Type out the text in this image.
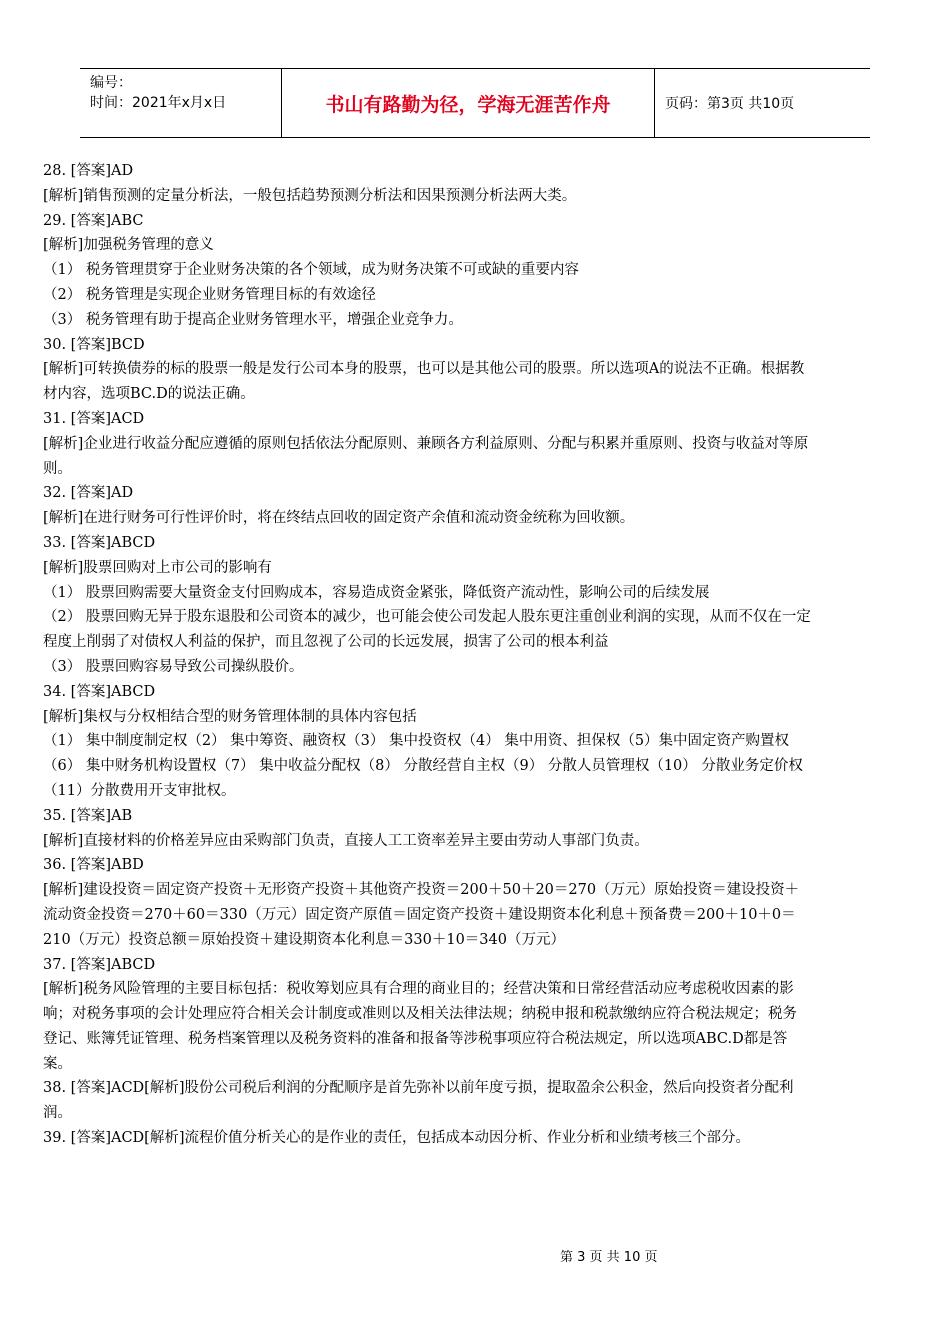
编号：
时间：2021年x月x日	书山有路勤为径，学海无涯苦作舟	页码：第3页 共10页

28. [答案]AD

[解析]销售预测的定量分析法，一般包括趋势预测分析法和因果预测分析法两大类。

29. [答案]ABC

[解析]加强税务管理的意义

（1） 税务管理贯穿于企业财务决策的各个领域，成为财务决策不可或缺的重要内容

（2） 税务管理是实现企业财务管理目标的有效途径

（3） 税务管理有助于提高企业财务管理水平，增强企业竞争力。

30. [答案]BCD

[解析]可转换债券的标的股票一般是发行公司本身的股票，也可以是其他公司的股票。所以选项A的说法不正确。根据教材内容，选项BC.D的说法正确。

31. [答案]ACD

[解析]企业进行收益分配应遵循的原则包括依法分配原则、兼顾各方利益原则、分配与积累并重原则、投资与收益对等原则。

32. [答案]AD

[解析]在进行财务可行性评价时，将在终结点回收的固定资产余值和流动资金统称为回收额。

33. [答案]ABCD

[解析]股票回购对上市公司的影响有

（1） 股票回购需要大量资金支付回购成本，容易造成资金紧张，降低资产流动性，影响公司的后续发展

（2） 股票回购无异于股东退股和公司资本的减少，也可能会使公司发起人股东更注重创业利润的实现，从而不仅在一定程度上削弱了对债权人利益的保护，而且忽视了公司的长远发展，损害了公司的根本利益

（3） 股票回购容易导致公司操纵股价。

34. [答案]ABCD

[解析]集权与分权相结合型的财务管理体制的具体内容包括

（1） 集中制度制定权（2） 集中筹资、融资权（3） 集中投资权（4） 集中用资、担保权（5）集中固定资产购置权（6） 集中财务机构设置权（7） 集中收益分配权（8） 分散经营自主权（9） 分散人员管理权（10） 分散业务定价权（11）分散费用开支审批权。

35. [答案]AB

[解析]直接材料的价格差异应由采购部门负责，直接人工工资率差异主要由劳动人事部门负责。

36. [答案]ABD

[解析]建设投资＝固定资产投资＋无形资产投资＋其他资产投资＝200＋50＋20＝270（万元）原始投资＝建设投资＋流动资金投资＝270＋60＝330（万元）固定资产原值＝固定资产投资＋建设期资本化利息＋预备费＝200＋10＋0＝210（万元）投资总额＝原始投资＋建设期资本化利息＝330＋10＝340（万元）

37. [答案]ABCD

[解析]税务风险管理的主要目标包括：税收筹划应具有合理的商业目的；经营决策和日常经营活动应考虑税收因素的影响；对税务事项的会计处理应符合相关会计制度或准则以及相关法律法规；纳税申报和税款缴纳应符合税法规定；税务登记、账簿凭证管理、税务档案管理以及税务资料的准备和报备等涉税事项应符合税法规定，所以选项ABC.D都是答案。

38. [答案]ACD[解析]股份公司税后利润的分配顺序是首先弥补以前年度亏损，提取盈余公积金，然后向投资者分配利润。

39. [答案]ACD[解析]流程价值分析关心的是作业的责任，包括成本动因分析、作业分析和业绩考核三个部分。

第 3 页 共 10 页
